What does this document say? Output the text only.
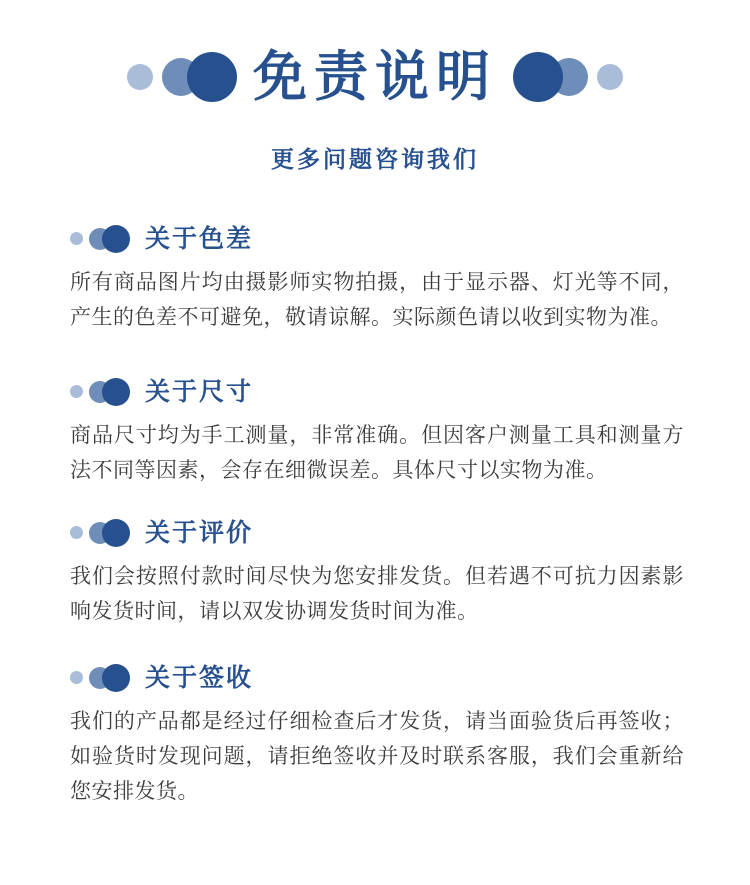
免责说明
更多问题咨询我们
关于色差

所有商品图片均由摄影师实物拍摄，由于显示器、灯光等不同，产生的色差不可避免，敬请谅解。实际颜色请以收到实物为准。

关于尺寸

商品尺寸均为手工测量，非常准确。但因客户测量工具和测量方法不同等因素，会存在细微误差。具体尺寸以实物为准。

关于评价

我们会按照付款时间尽快为您安排发货。但若遇不可抗力因素影响发货时间，请以双发协调发货时间为准。

关于签收

我们的产品都是经过仔细检查后才发货，请当面验货后再签收；如验货时发现问题，请拒绝签收并及时联系客服，我们会重新给您安排发货。
